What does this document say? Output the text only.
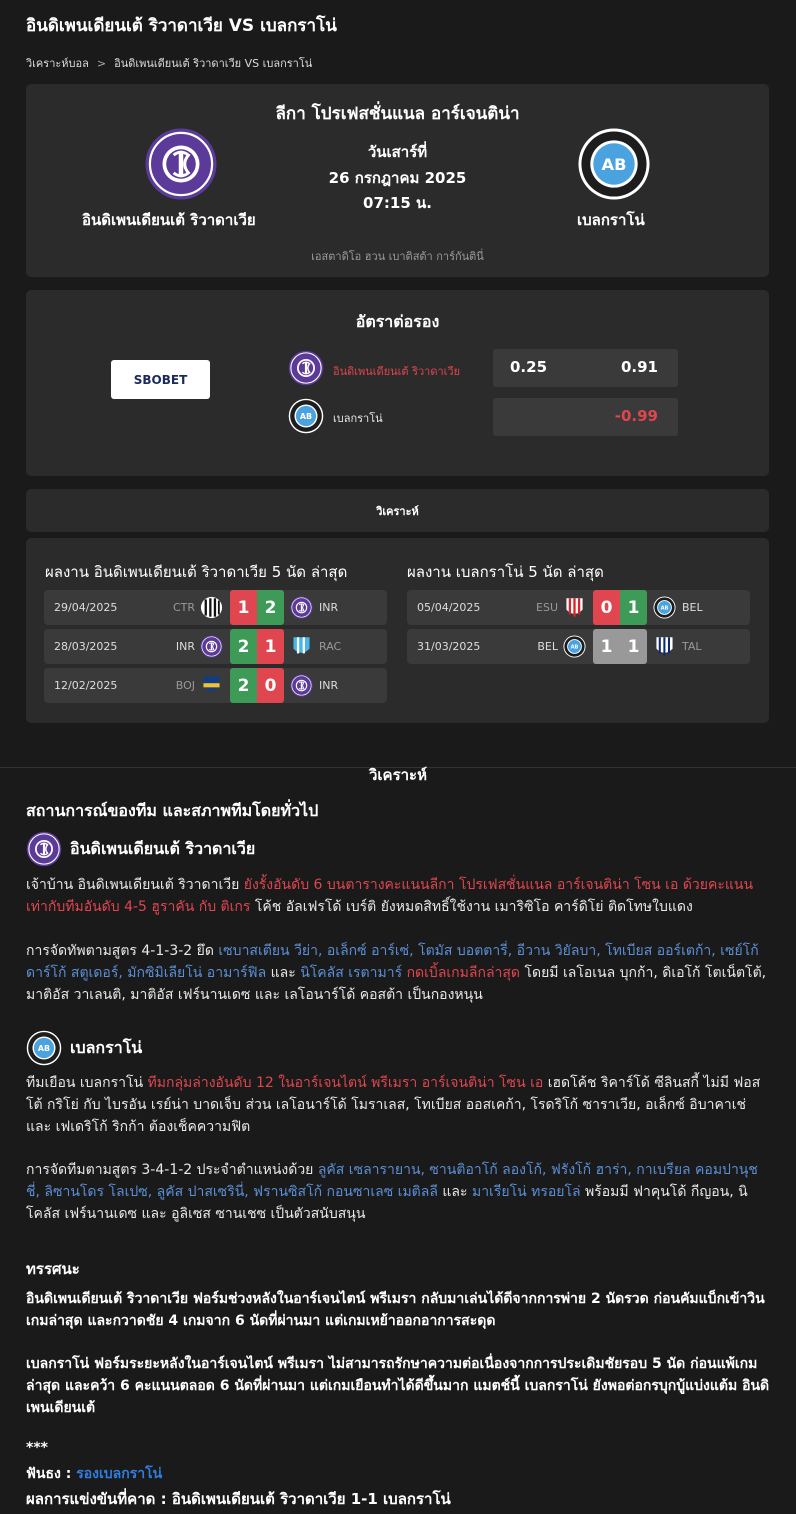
อินดิเพนเดียนเต้ ริวาดาเวีย VS เบลกราโน่
วิเคราะห์บอล > อินดิเพนเดียนเต้ ริวาดาเวีย VS เบลกราโน่
ลีกา โปรเฟสชั่นแนล อาร์เจนติน่า
อินดิเพนเดียนเต้ ริวาดาเวีย
วันเสาร์ที่
26 กรกฎาคม 2025
07:15 น.
เบลกราโน่
เอสตาดิโอ ฮวน เบาติสต้า การ์กันตินี่
อัตราต่อรอง
SBOBET
อินดิเพนเดียนเต้ ริวาดาเวีย
เบลกราโน่
0.25	0.91
-0.99
วิเคราะห์
ผลงาน อินดิเพนเดียนเต้ ริวาดาเวีย 5 นัด ล่าสุด	ผลงาน เบลกราโน่ 5 นัด ล่าสุด
29/04/2025	CTR	1 2	INR
28/03/2025	INR	2 1	RAC
12/02/2025	BOJ	2 0	INR
05/04/2025	ESU	0 1	BEL
31/03/2025	BEL	1 1	TAL
วิเคราะห์
สถานการณ์ของทีม และสภาพทีมโดยทั่วไป
อินดิเพนเดียนเต้ ริวาดาเวีย
เจ้าบ้าน อินดิเพนเดียนเต้ ริวาดาเวีย ยังรั้งอันดับ 6 บนตารางคะแนนลีกา โปรเฟสชั่นแนล อาร์เจนติน่า โซน เอ ด้วยคะแนนเท่ากับทีมอันดับ 4-5 ฮูราคัน กับ ติเกร โค้ช อัลเฟรโด้ เบร์ติ ยังหมดสิทธิ์ใช้งาน เมาริซิโอ คาร์ดิโย่ ติดโทษใบแดง
การจัดทัพตามสูตร 4-1-3-2 ยึด เซบาสเตียน วีย่า, อเล็กซ์ อาร์เซ่, โตมัส บอตตารี่, อีวาน วิยัลบา, โทเบียส ออร์เตก้า, เซย์โก้ ดาร์โก้ สตูเดอร์, มักซิมิเลียโน่ อามาร์ฟิล และ นิโคลัส เรตามาร์ กดเบิ้ลเกมลีกล่าสุด โดยมี เลโอเนล บุกก้า, ดิเอโก้ โตเน็ตโต้, มาติอัส วาเลนติ, มาติอัส เฟร์นานเดซ และ เลโอนาร์โด้ คอสต้า เป็นกองหนุน
เบลกราโน่
ทีมเยือน เบลกราโน่ ทีมกลุ่มล่างอันดับ 12 ในอาร์เจนไตน์ พรีเมรา อาร์เจนติน่า โซน เอ เฮดโค้ช ริคาร์โด้ ซีลินสกี้ ไม่มี ฟอสโต้ กริโย่ กับ ไบรอัน เรย์น่า บาดเจ็บ ส่วน เลโอนาร์โด้ โมราเลส, โทเบียส ออสเคก้า, โรดริโก้ ซาราเวีย, อเล็กซ์ อิบาคาเช่ และ เฟเดริโก้ ริกก้า ต้องเช็คความฟิต
การจัดทีมตามสูตร 3-4-1-2 ประจำตำแหน่งด้วย ลูคัส เซลารายาน, ซานติอาโก้ ลองโก้, ฟรังโก้ ฮาร่า, กาเบรียล คอมปานุชชี่, ลิซานโดร โลเปซ, ลูคัส ปาสเซรินี่, ฟรานซิสโก้ กอนซาเลซ เมติลลี และ มาเรียโน่ ทรอยโล่ พร้อมมี ฟาคุนโด้ กีญอน, นิโคลัส เฟร์นานเดซ และ อูลิเซส ซานเชซ เป็นตัวสนับสนุน
ทรรศนะ
อินดิเพนเดียนเต้ ริวาดาเวีย ฟอร์มช่วงหลังในอาร์เจนไตน์ พรีเมรา กลับมาเล่นได้ดีจากการพ่าย 2 นัดรวด ก่อนคัมแบ็กเข้าวินเกมล่าสุด และกวาดชัย 4 เกมจาก 6 นัดที่ผ่านมา แต่เกมเหย้าออกอาการสะดุด
เบลกราโน่ ฟอร์มระยะหลังในอาร์เจนไตน์ พรีเมรา ไม่สามารถรักษาความต่อเนื่องจากการประเดิมชัยรอบ 5 นัด ก่อนแพ้เกมล่าสุด และคว้า 6 คะแนนตลอด 6 นัดที่ผ่านมา แต่เกมเยือนทำได้ดีขึ้นมาก แมตช์นี้ เบลกราโน่ ยังพอต่อกรบุกบู้แบ่งแต้ม อินดิเพนเดียนเต้
***
ฟันธง : รองเบลกราโน่
ผลการแข่งขันที่คาด : อินดิเพนเดียนเต้ ริวาดาเวีย 1-1 เบลกราโน่
